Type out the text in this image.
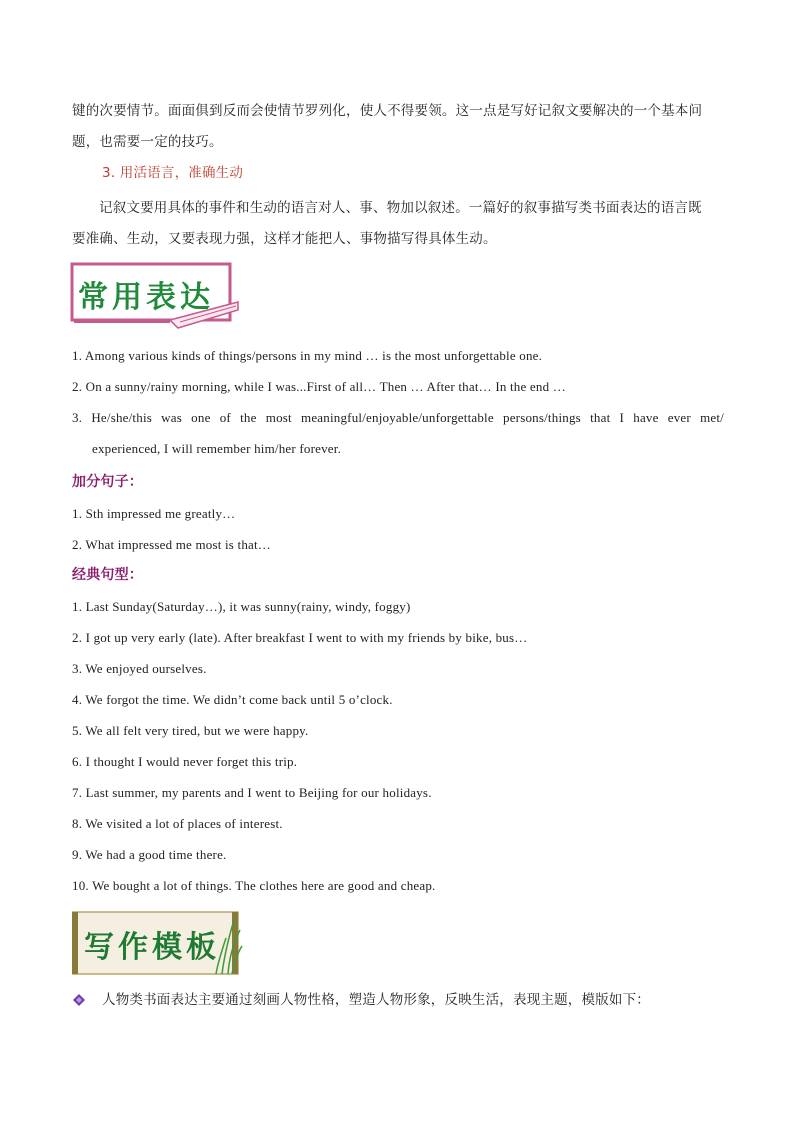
键的次要情节。面面俱到反而会使情节罗列化，使人不得要领。这一点是写好记叙文要解决的一个基本问
题，也需要一定的技巧。
3. 用活语言，准确生动
记叙文要用具体的事件和生动的语言对人、事、物加以叙述。一篇好的叙事描写类书面表达的语言既
要准确、生动，又要表现力强，这样才能把人、事物描写得具体生动。
常用表达
1. Among various kinds of things/persons in my mind … is the most unforgettable one.
2. On a sunny/rainy morning, while I was...First of all… Then … After that… In the end …
3. He/she/this was one of the most meaningful/enjoyable/unforgettable persons/things that I have ever met/
experienced, I will remember him/her forever.
加分句子：
1. Sth impressed me greatly…
2. What impressed me most is that…
经典句型：
1. Last Sunday(Saturday…), it was sunny(rainy, windy, foggy)
2. I got up very early (late). After breakfast I went to with my friends by bike, bus…
3. We enjoyed ourselves.
4. We forgot the time. We didn’t come back until 5 o’clock.
5. We all felt very tired, but we were happy.
6. I thought I would never forget this trip.
7. Last summer, my parents and I went to Beijing for our holidays.
8. We visited a lot of places of interest.
9. We had a good time there.
10. We bought a lot of things. The clothes here are good and cheap.
写作模板
人物类书面表达主要通过刻画人物性格，塑造人物形象，反映生活，表现主题，模版如下：
